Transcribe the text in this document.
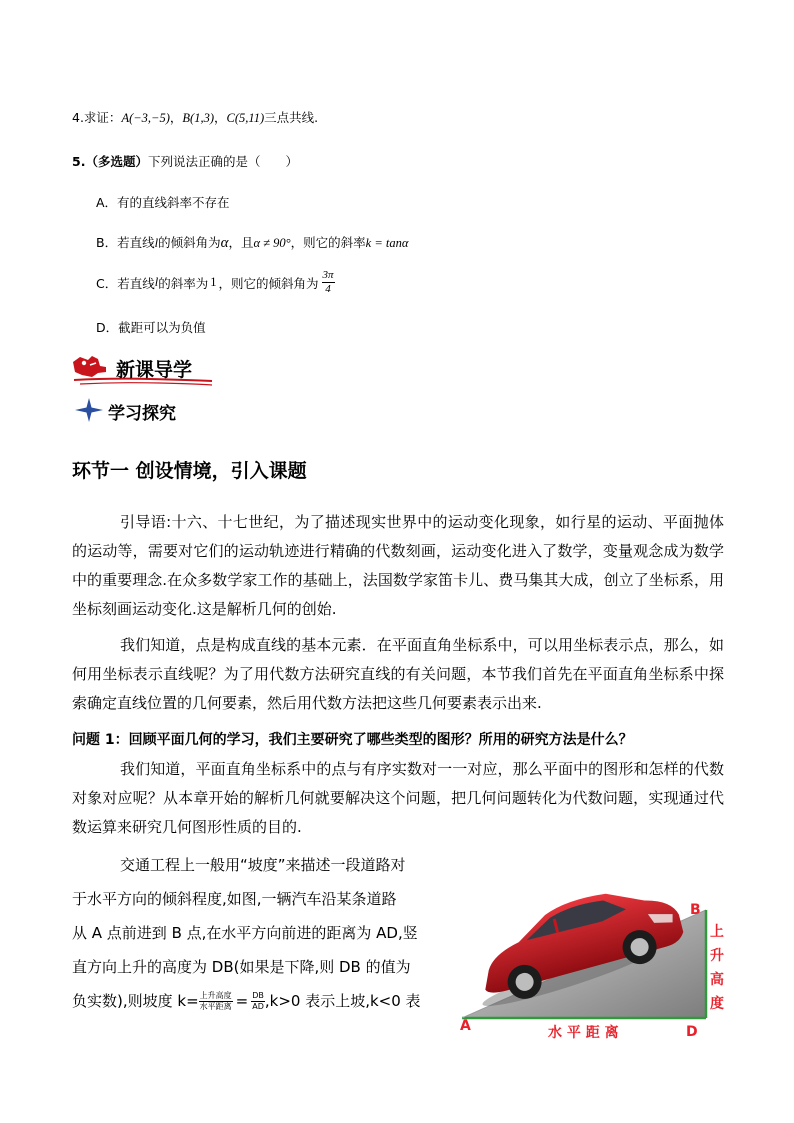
4.求证：A(−3,−5)，B(1,3)，C(5,11)三点共线.
5.（多选题）下列说法正确的是（　　）
A．有的直线斜率不存在
B．若直线l的倾斜角为α，且α ≠ 90°，则它的斜率k = tanα
C．若直线 l 的斜率为 1 ，则它的倾斜角为 $\frac{3\pi}{4}$
D．截距可以为负值
新课导学
学习探究
环节一 创设情境，引入课题
引导语:十六、十七世纪，为了描述现实世界中的运动变化现象，如行星的运动、平面抛体的运动等，需要对它们的运动轨迹进行精确的代数刻画，运动变化进入了数学，变量观念成为数学中的重要理念.在众多数学家工作的基础上，法国数学家笛卡儿、费马集其大成，创立了坐标系，用坐标刻画运动变化.这是解析几何的创始.
我们知道，点是构成直线的基本元素．在平面直角坐标系中，可以用坐标表示点，那么，如何用坐标表示直线呢？为了用代数方法研究直线的有关问题，本节我们首先在平面直角坐标系中探索确定直线位置的几何要素，然后用代数方法把这些几何要素表示出来.
问题 1：回顾平面几何的学习，我们主要研究了哪些类型的图形？所用的研究方法是什么？
我们知道，平面直角坐标系中的点与有序实数对一一对应，那么平面中的图形和怎样的代数对象对应呢？从本章开始的解析几何就要解决这个问题，把几何问题转化为代数问题，实现通过代数运算来研究几何图形性质的目的.
交通工程上一般用“坡度”来描述一段道路对
于水平方向的倾斜程度,如图,一辆汽车沿某条道路
从 A 点前进到 B 点,在水平方向前进的距离为 AD,竖
直方向上升的高度为 DB(如果是下降,则 DB 的值为
负实数),则坡度 $k= \frac{\text{上升高度}}{\text{水平距离}} = \frac{DB}{AD} ,k>0$ 表示上坡,k<0 表
A
B
D
水 平 距 离
上
升
高
度
